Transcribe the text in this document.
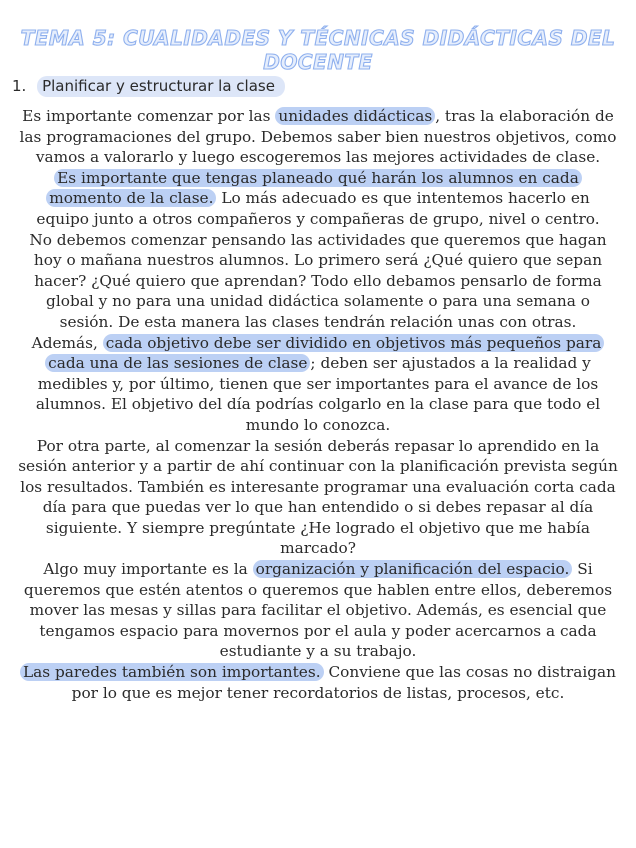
TEMA 5: CUALIDADES Y TÉCNICAS DIDÁCTICAS DEL DOCENTE
1. Planificar y estructurar la clase

Es importante comenzar por las unidades didácticas , tras la elaboración de las programaciones del grupo. Debemos saber bien nuestros objetivos, como vamos a valorarlo y luego escogeremos las mejores actividades de clase.

Es importante que tengas planeado qué harán los alumnos en cada momento de la clase. Lo más adecuado es que intentemos hacerlo en equipo junto a otros compañeros y compañeras de grupo, nivel o centro.

No debemos comenzar pensando las actividades que queremos que hagan hoy o mañana nuestros alumnos. Lo primero será ¿Qué quiero que sepan hacer? ¿Qué quiero que aprendan? Todo ello debamos pensarlo de forma global y no para una unidad didáctica solamente o para una semana o sesión. De esta manera las clases tendrán relación unas con otras.

Además, cada objetivo debe ser dividido en objetivos más pequeños para cada una de las sesiones de clase ; deben ser ajustados a la realidad y medibles y, por último, tienen que ser importantes para el avance de los alumnos. El objetivo del día podrías colgarlo en la clase para que todo el mundo lo conozca.

Por otra parte, al comenzar la sesión deberás repasar lo aprendido en la sesión anterior y a partir de ahí continuar con la planificación prevista según los resultados. También es interesante programar una evaluación corta cada día para que puedas ver lo que han entendido o si debes repasar al día siguiente. Y siempre pregúntate ¿He logrado el objetivo que me había marcado?

Algo muy importante es la organización y planificación del espacio. Si queremos que estén atentos o queremos que hablen entre ellos, deberemos mover las mesas y sillas para facilitar el objetivo. Además, es esencial que tengamos espacio para movernos por el aula y poder acercarnos a cada estudiante y a su trabajo.

Las paredes también son importantes. Conviene que las cosas no distraigan por lo que es mejor tener recordatorios de listas, procesos, etc.
